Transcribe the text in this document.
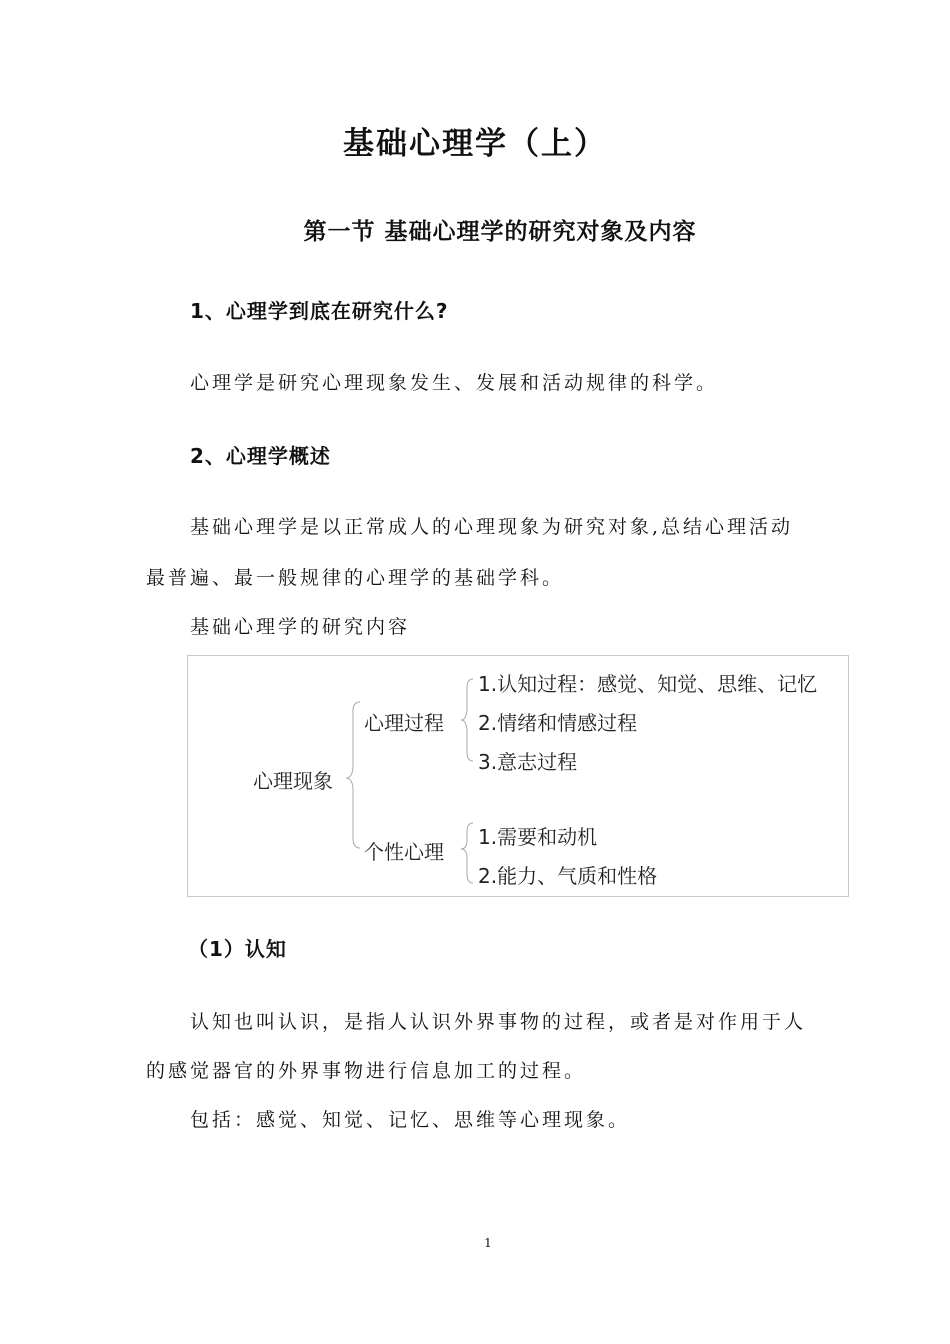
基础心理学（上）
第一节 基础心理学的研究对象及内容
1、心理学到底在研究什么?
心理学是研究心理现象发生、发展和活动规律的科学。
2、心理学概述
基础心理学是以正常成人的心理现象为研究对象,总结心理活动
最普遍、最一般规律的心理学的基础学科。
基础心理学的研究内容
心理现象
心理过程
1.认知过程：感觉、知觉、思维、记忆
2.情绪和情感过程
3.意志过程
个性心理
1.需要和动机
2.能力、气质和性格
（1）认知
认知也叫认识，是指人认识外界事物的过程，或者是对作用于人
的感觉器官的外界事物进行信息加工的过程。
包括：感觉、知觉、记忆、思维等心理现象。
1
